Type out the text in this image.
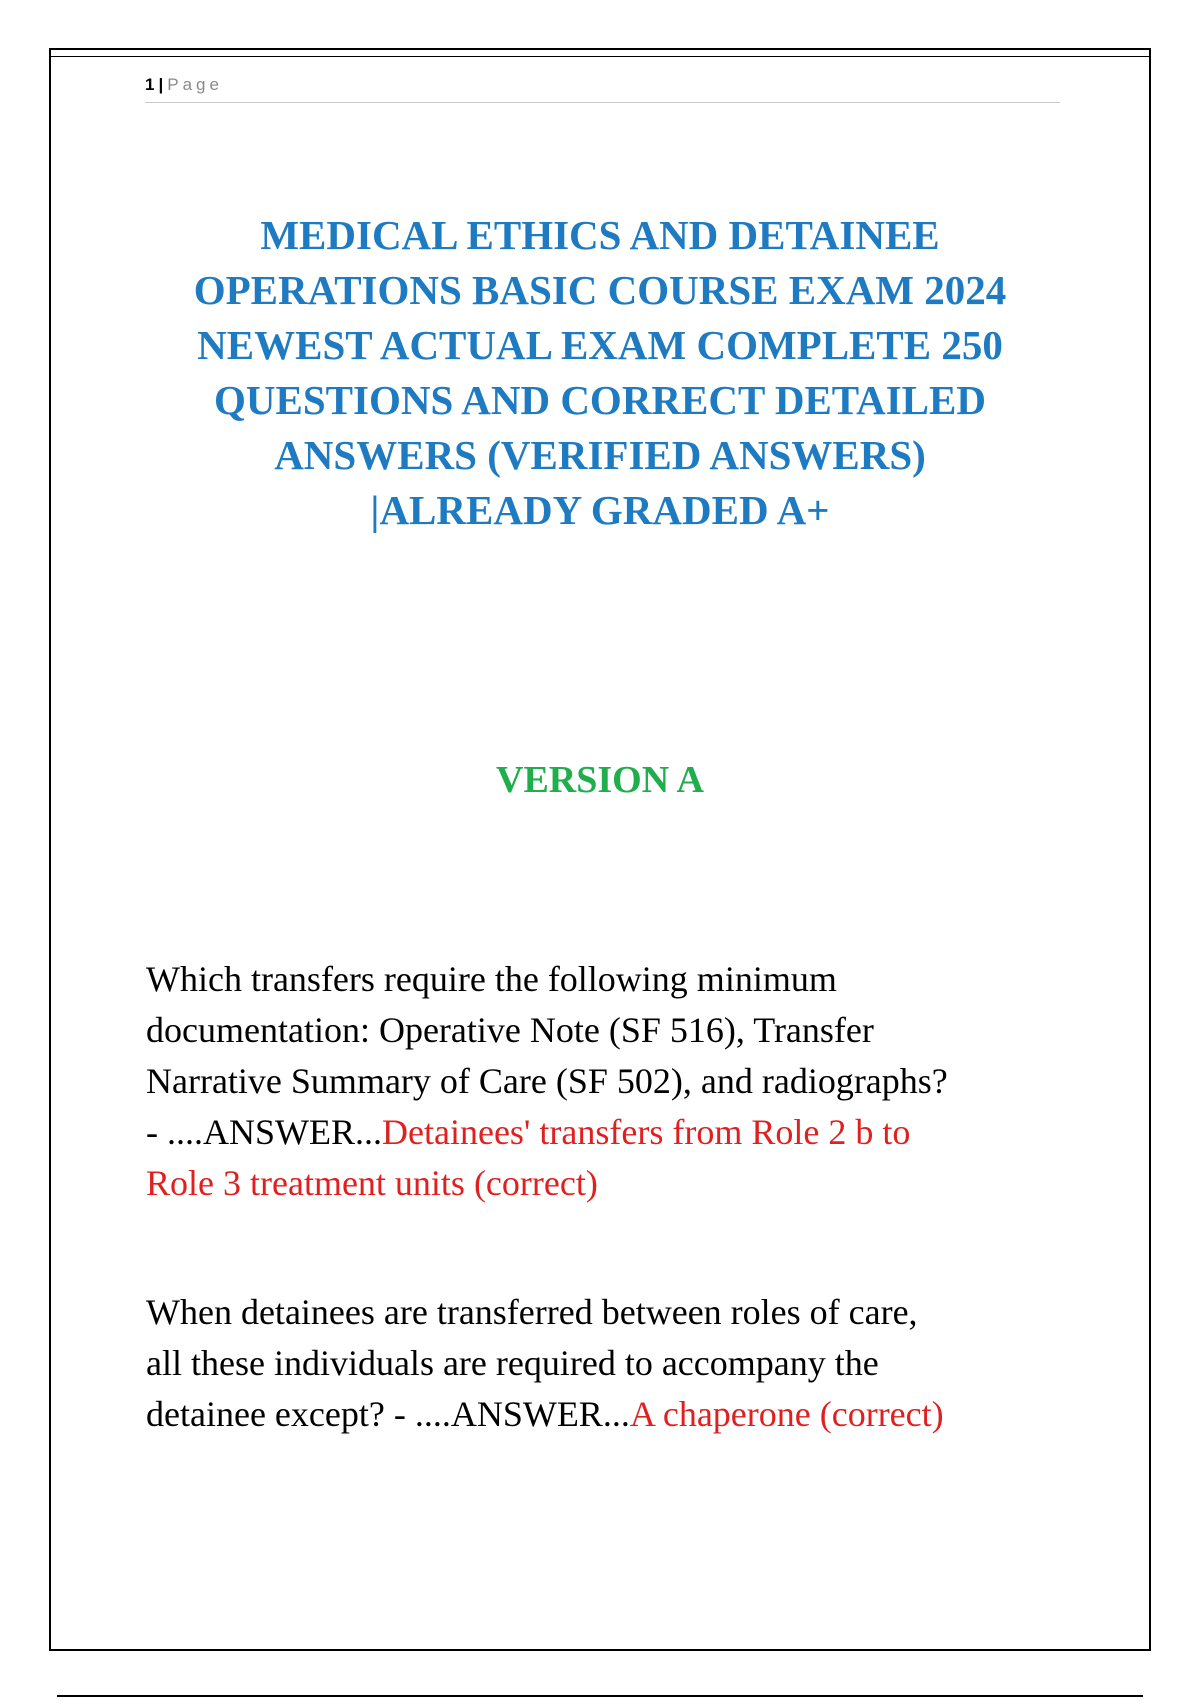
1 | Page
MEDICAL ETHICS AND DETAINEE
OPERATIONS BASIC COURSE EXAM 2024
NEWEST ACTUAL EXAM COMPLETE 250
QUESTIONS AND CORRECT DETAILED
ANSWERS (VERIFIED ANSWERS)
|ALREADY GRADED A+
VERSION A
Which transfers require the following minimum
documentation: Operative Note (SF 516), Transfer
Narrative Summary of Care (SF 502), and radiographs?
- ....ANSWER...Detainees' transfers from Role 2 b to
Role 3 treatment units (correct)
When detainees are transferred between roles of care,
all these individuals are required to accompany the
detainee except? - ....ANSWER...A chaperone (correct)
